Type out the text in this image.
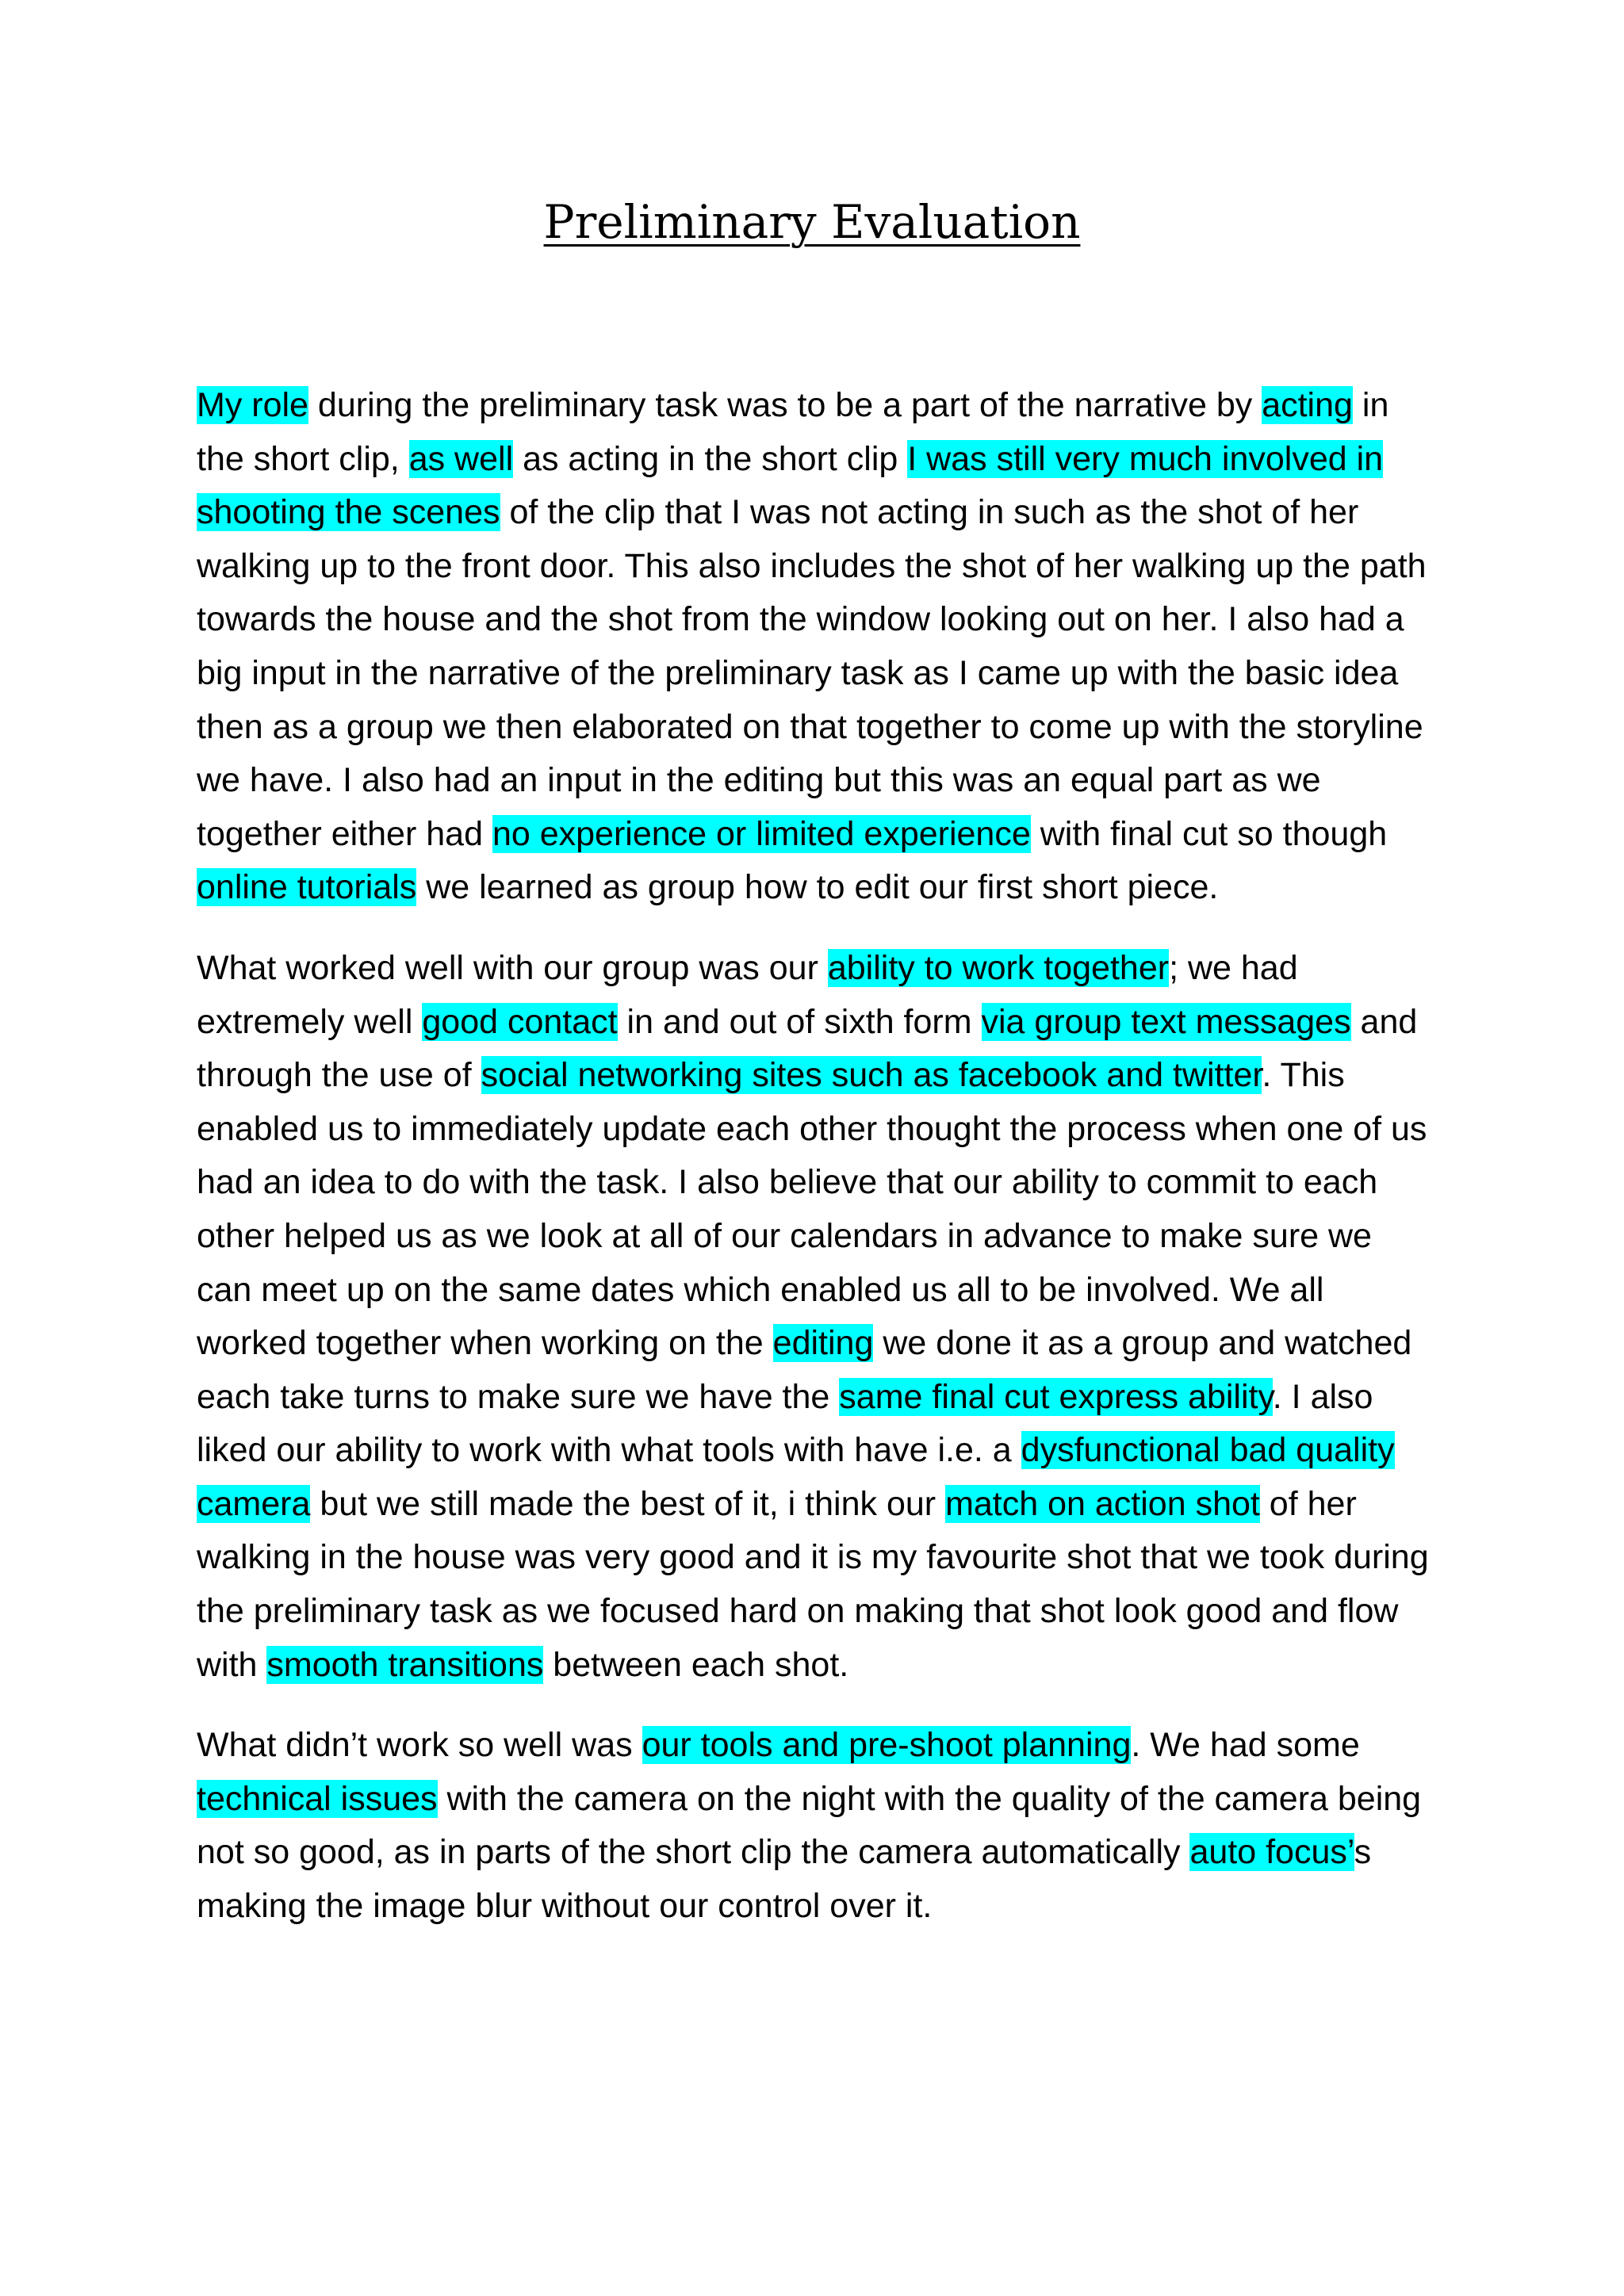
Preliminary Evaluation

My role during the preliminary task was to be a part of the narrative by acting in the short clip, as well as acting in the short clip I was still very much involved in shooting the scenes of the clip that I was not acting in such as the shot of her walking up to the front door. This also includes the shot of her walking up the path towards the house and the shot from the window looking out on her. I also had a big input in the narrative of the preliminary task as I came up with the basic idea then as a group we then elaborated on that together to come up with the storyline we have. I also had an input in the editing but this was an equal part as we together either had no experience or limited experience with final cut so though online tutorials we learned as group how to edit our first short piece.

What worked well with our group was our ability to work together; we had extremely well good contact in and out of sixth form via group text messages and through the use of social networking sites such as facebook and twitter. This enabled us to immediately update each other thought the process when one of us had an idea to do with the task. I also believe that our ability to commit to each other helped us as we look at all of our calendars in advance to make sure we can meet up on the same dates which enabled us all to be involved. We all worked together when working on the editing we done it as a group and watched each take turns to make sure we have the same final cut express ability. I also liked our ability to work with what tools with have i.e. a dysfunctional bad quality camera but we still made the best of it, i think our match on action shot of her walking in the house was very good and it is my favourite shot that we took during the preliminary task as we focused hard on making that shot look good and flow with smooth transitions between each shot.

What didn’t work so well was our tools and pre-shoot planning. We had some technical issues with the camera on the night with the quality of the camera being not so good, as in parts of the short clip the camera automatically auto focus’s making the image blur without our control over it.
